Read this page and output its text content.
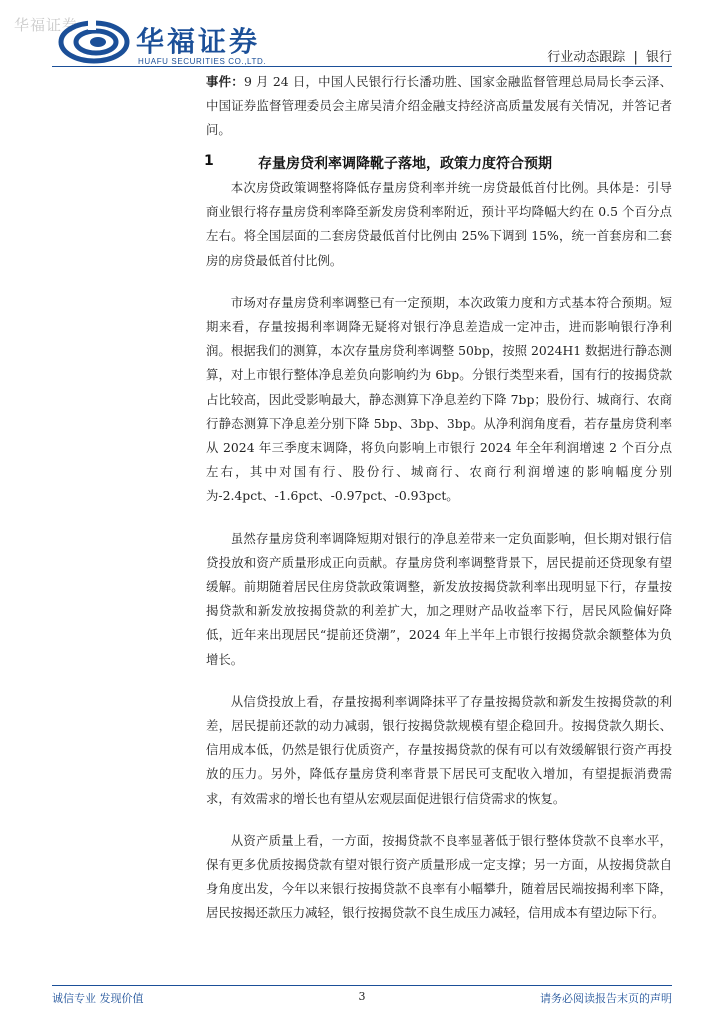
华福证券 华福证券
HUAFU SECURITIES CO.,LTD.	行业动态跟踪 | 银行

事件：9 月 24 日，中国人民银行行长潘功胜、国家金融监督管理总局局长李云泽、中国证券监督管理委员会主席吴清介绍金融支持经济高质量发展有关情况，并答记者问。

1	存量房贷利率调降靴子落地，政策力度符合预期

本次房贷政策调整将降低存量房贷利率并统一房贷最低首付比例。具体是：引导商业银行将存量房贷利率降至新发房贷利率附近，预计平均降幅大约在 0.5 个百分点左右。将全国层面的二套房贷最低首付比例由 25%下调到 15%，统一首套房和二套房的房贷最低首付比例。

市场对存量房贷利率调整已有一定预期，本次政策力度和方式基本符合预期。短期来看，存量按揭利率调降无疑将对银行净息差造成一定冲击，进而影响银行净利润。根据我们的测算，本次存量房贷利率调整 50bp，按照 2024H1 数据进行静态测算，对上市银行整体净息差负向影响约为 6bp。分银行类型来看，国有行的按揭贷款占比较高，因此受影响最大，静态测算下净息差约下降 7bp；股份行、城商行、农商行静态测算下净息差分别下降 5bp、3bp、3bp。从净利润角度看，若存量房贷利率从 2024 年三季度末调降，将负向影响上市银行 2024 年全年利润增速 2 个百分点左右，其中对国有行、股份行、城商行、农商行利润增速的影响幅度分别为-2.4pct、-1.6pct、-0.97pct、-0.93pct。

虽然存量房贷利率调降短期对银行的净息差带来一定负面影响，但长期对银行信贷投放和资产质量形成正向贡献。存量房贷利率调整背景下，居民提前还贷现象有望缓解。前期随着居民住房贷款政策调整，新发放按揭贷款利率出现明显下行，存量按揭贷款和新发放按揭贷款的利差扩大，加之理财产品收益率下行，居民风险偏好降低，近年来出现居民“提前还贷潮”，2024 年上半年上市银行按揭贷款余额整体为负增长。

从信贷投放上看，存量按揭利率调降抹平了存量按揭贷款和新发生按揭贷款的利差，居民提前还款的动力减弱，银行按揭贷款规模有望企稳回升。按揭贷款久期长、信用成本低，仍然是银行优质资产，存量按揭贷款的保有可以有效缓解银行资产再投放的压力。另外，降低存量房贷利率背景下居民可支配收入增加，有望提振消费需求，有效需求的增长也有望从宏观层面促进银行信贷需求的恢复。

从资产质量上看，一方面，按揭贷款不良率显著低于银行整体贷款不良率水平，保有更多优质按揭贷款有望对银行资产质量形成一定支撑；另一方面，从按揭贷款自身角度出发，今年以来银行按揭贷款不良率有小幅攀升，随着居民端按揭利率下降，居民按揭还款压力减轻，银行按揭贷款不良生成压力减轻，信用成本有望边际下行。

诚信专业 发现价值	3	请务必阅读报告末页的声明
